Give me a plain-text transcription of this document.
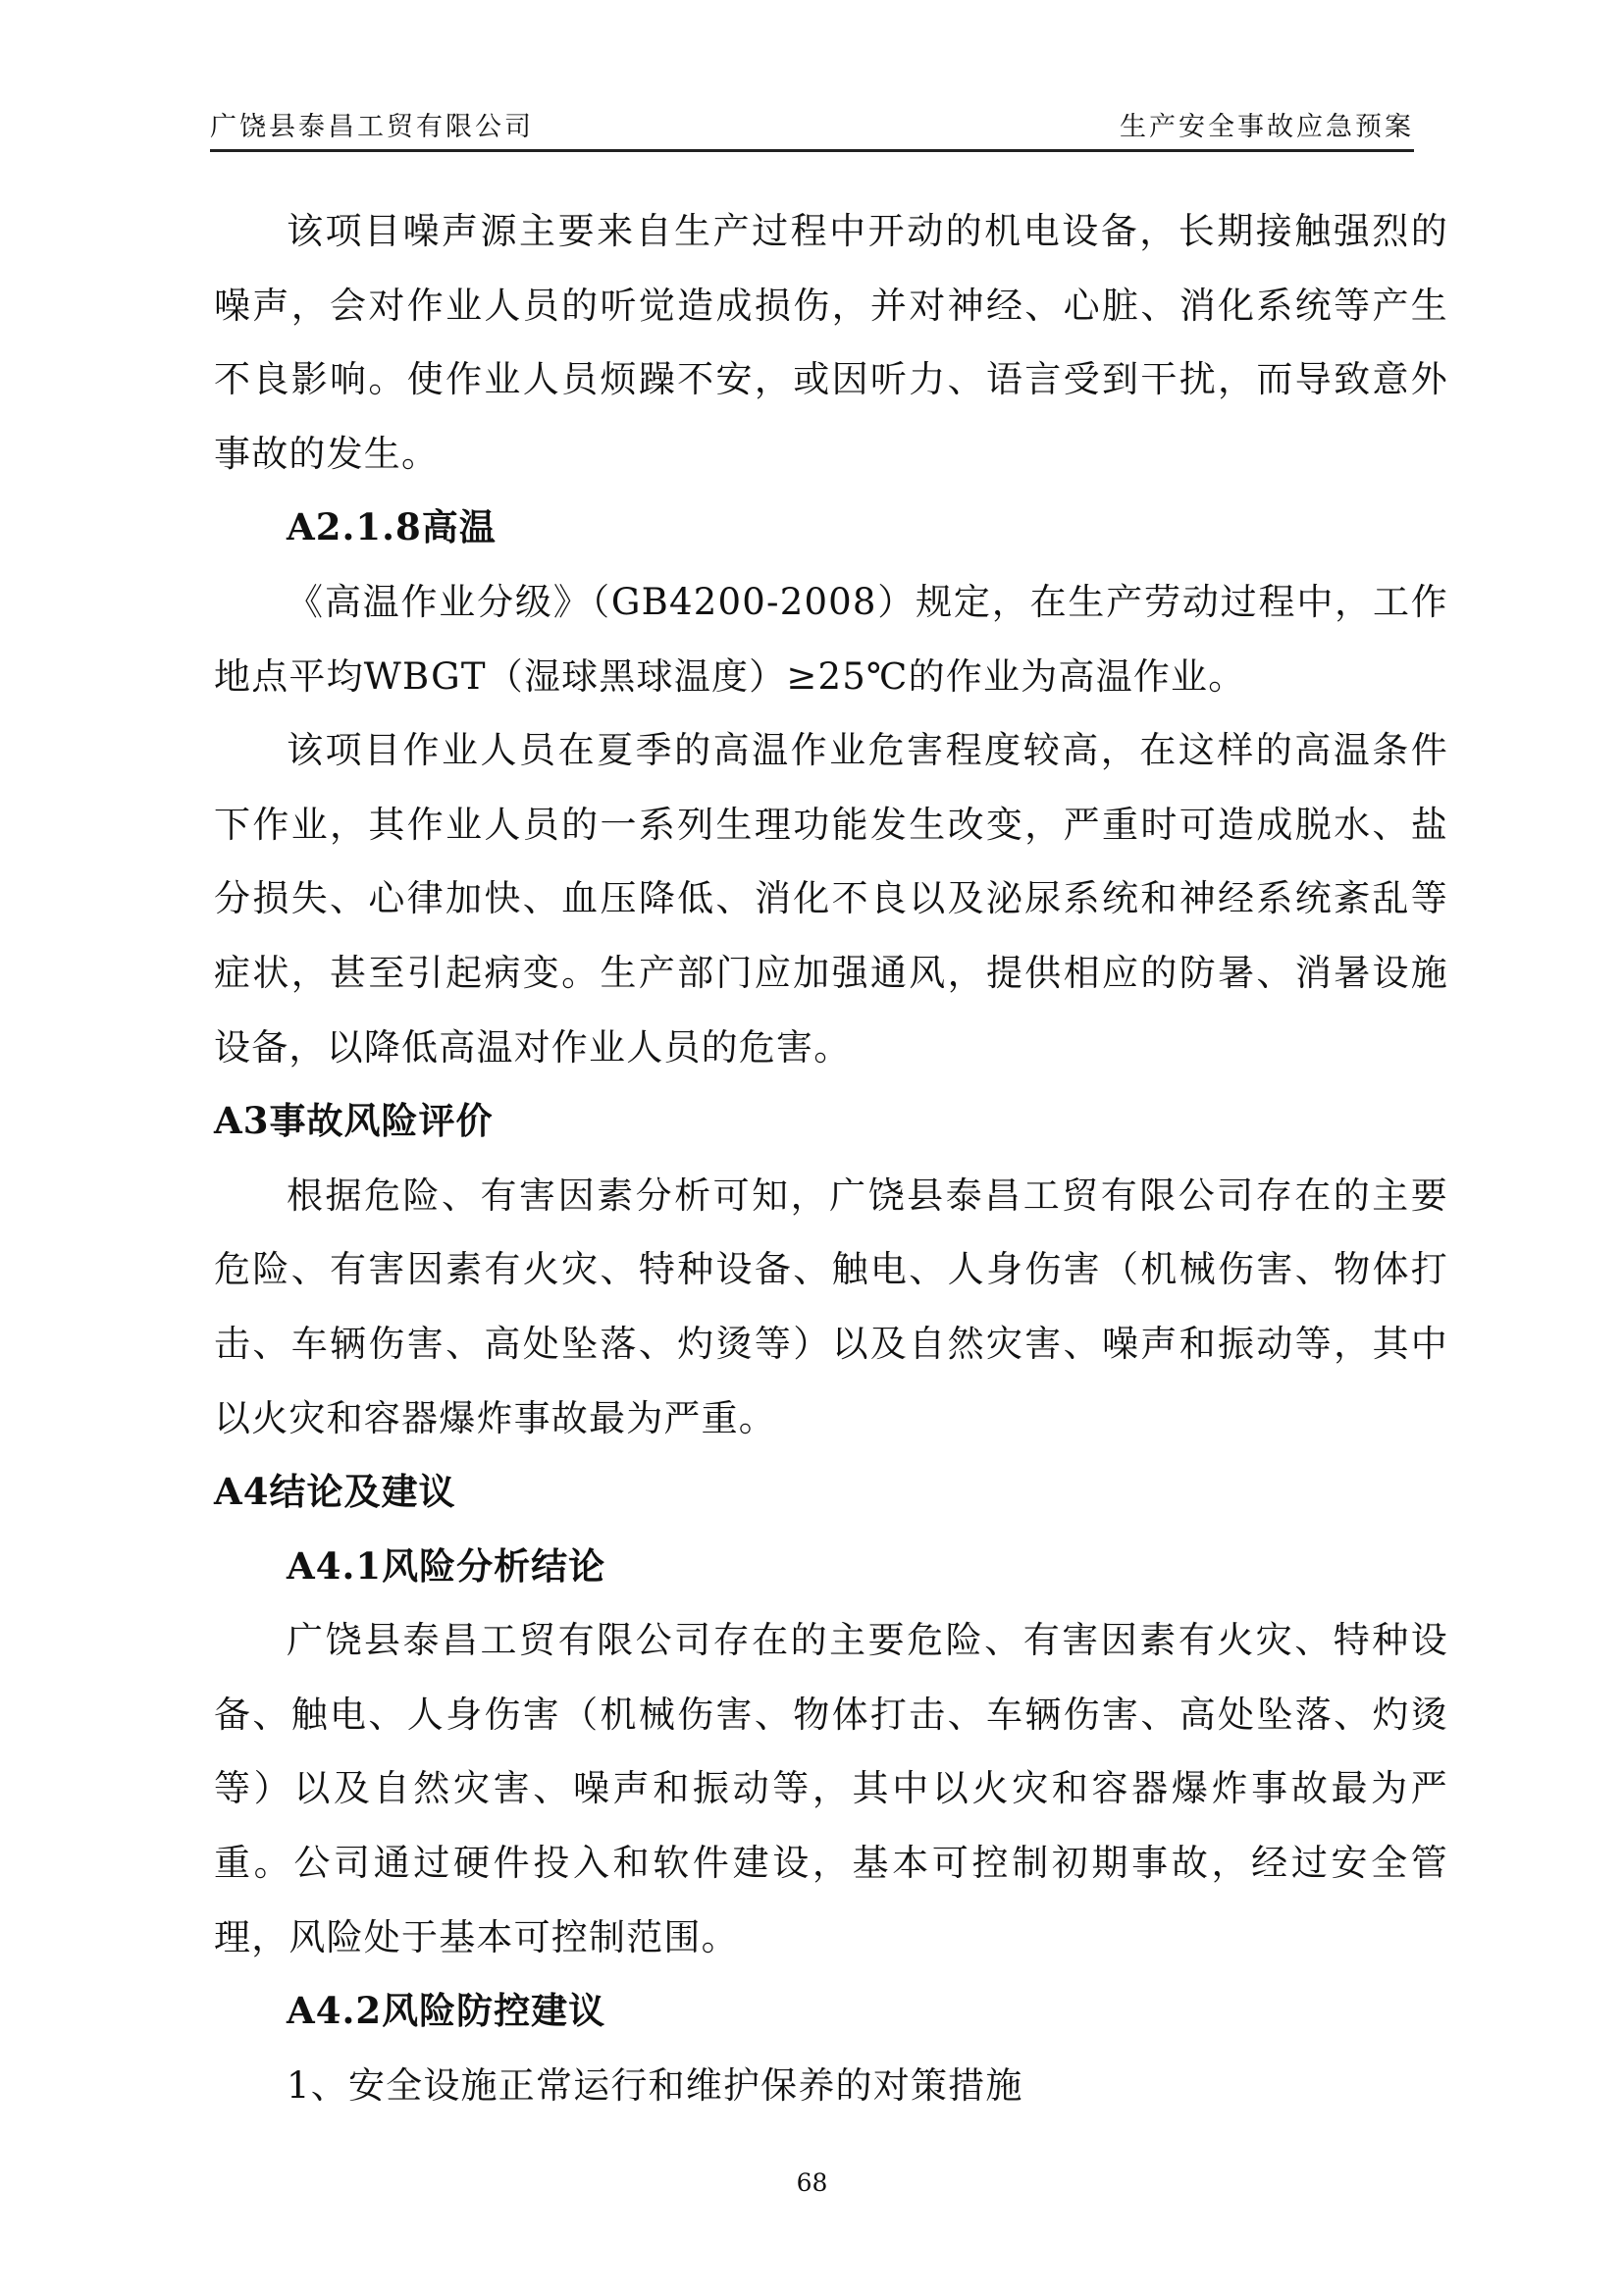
广饶县泰昌工贸有限公司	生产安全事故应急预案

该项目噪声源主要来自生产过程中开动的机电设备，长期接触强烈的噪声，会对作业人员的听觉造成损伤，并对神经、心脏、消化系统等产生不良影响。使作业人员烦躁不安，或因听力、语言受到干扰，而导致意外事故的发生。

A2.1.8高温

《高温作业分级》（GB4200-2008）规定，在生产劳动过程中，工作地点平均WBGT（湿球黑球温度）≥25℃的作业为高温作业。

该项目作业人员在夏季的高温作业危害程度较高，在这样的高温条件下作业，其作业人员的一系列生理功能发生改变，严重时可造成脱水、盐分损失、心律加快、血压降低、消化不良以及泌尿系统和神经系统紊乱等症状，甚至引起病变。生产部门应加强通风，提供相应的防暑、消暑设施设备，以降低高温对作业人员的危害。

A3事故风险评价

根据危险、有害因素分析可知，广饶县泰昌工贸有限公司存在的主要危险、有害因素有火灾、特种设备、触电、人身伤害（机械伤害、物体打击、车辆伤害、高处坠落、灼烫等）以及自然灾害、噪声和振动等，其中以火灾和容器爆炸事故最为严重。

A4结论及建议

A4.1风险分析结论

广饶县泰昌工贸有限公司存在的主要危险、有害因素有火灾、特种设备、触电、人身伤害（机械伤害、物体打击、车辆伤害、高处坠落、灼烫等）以及自然灾害、噪声和振动等，其中以火灾和容器爆炸事故最为严重。公司通过硬件投入和软件建设，基本可控制初期事故，经过安全管理，风险处于基本可控制范围。

A4.2风险防控建议

1、安全设施正常运行和维护保养的对策措施

68
